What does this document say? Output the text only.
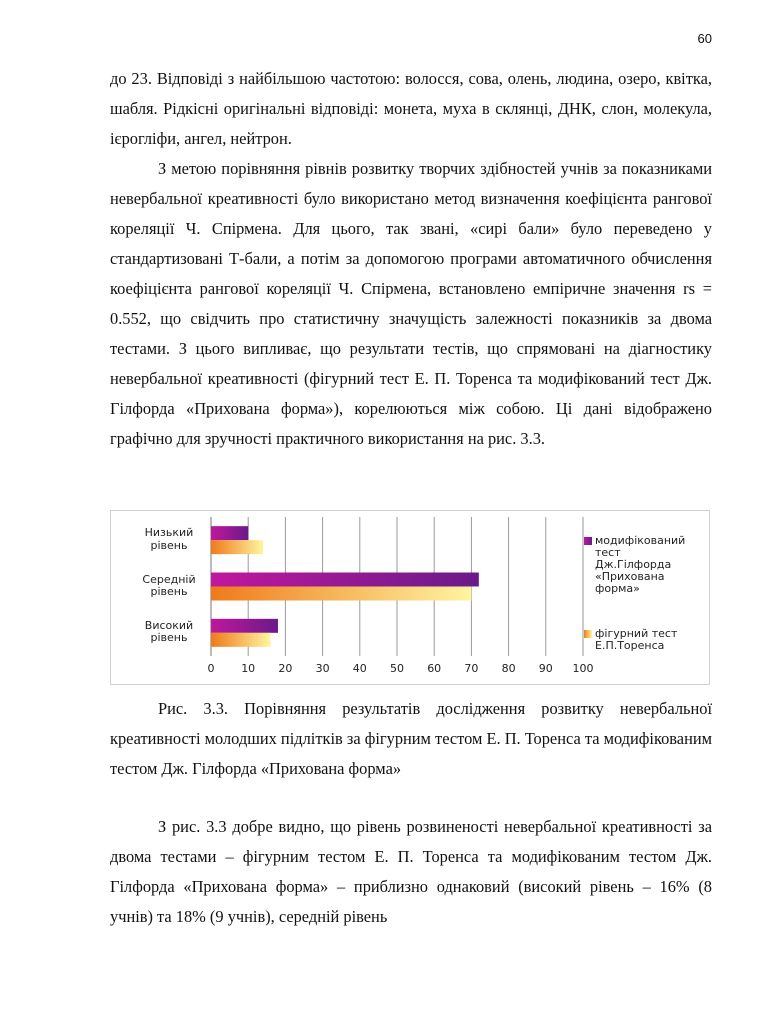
60

до 23. Відповіді з найбільшою частотою: волосся, сова, олень, людина, озеро, квітка, шабля. Рідкісні оригінальні відповіді: монета, муха в склянці, ДНК, слон, молекула, ієрогліфи, ангел, нейтрон.

З метою порівняння рівнів розвитку творчих здібностей учнів за показниками невербальної креативності було використано метод визначення коефіцієнта рангової кореляції Ч. Спірмена. Для цього, так звані, «сирі бали» було переведено у стандартизовані Т-бали, а потім за допомогою програми автоматичного обчислення коефіцієнта рангової кореляції Ч. Спірмена, встановлено емпіричне значення rs = 0.552, що свідчить про статистичну значущість залежності показників за двома тестами. З цього випливає, що результати тестів, що спрямовані на діагностику невербальної креативності (фігурний тест Е. П. Торенса та модифікований тест Дж. Гілфорда «Прихована форма»), корелюються між собою. Ці дані відображено графічно для зручності практичного використання на рис. 3.3.

0 10 20 30 40 50 60 70 80 90 100
Низький
рівень
Середній
рівень
Високий
рівень
модифікований
тест
Дж.Гілфорда
«Прихована
форма»
фігурний тест
Е.П.Торенса
Рис. 3.3. Порівняння результатів дослідження розвитку невербальної креативності молодших підлітків за фігурним тестом Е. П. Торенса та модифікованим тестом Дж. Гілфорда «Прихована форма»

З рис. 3.3 добре видно, що рівень розвиненості невербальної креативності за двома тестами – фігурним тестом Е. П. Торенса та модифікованим тестом Дж. Гілфорда «Прихована форма» – приблизно однаковий (високий рівень – 16% (8 учнів) та 18% (9 учнів), середній рівень
